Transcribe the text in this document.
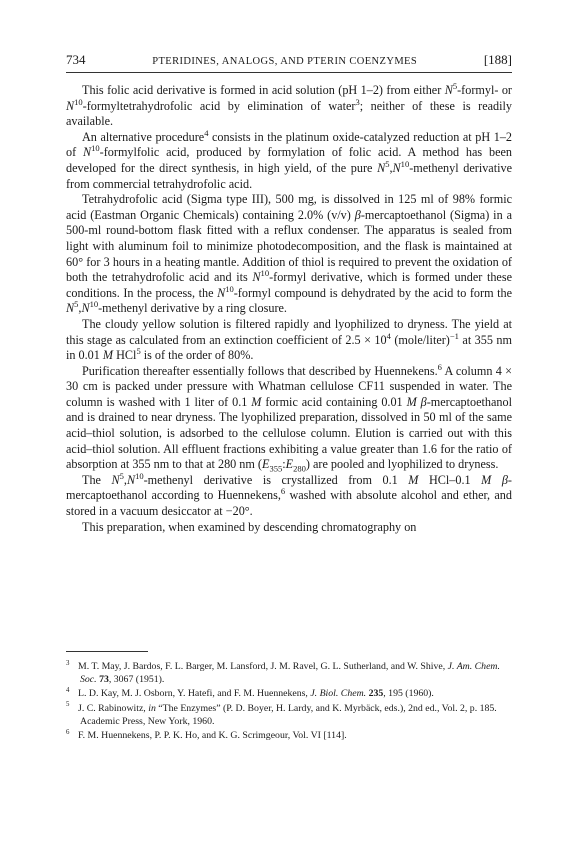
734	PTERIDINES, ANALOGS, AND PTERIN COENZYMES	[188]

This folic acid derivative is formed in acid solution (pH 1–2) from either $N^5-formyl-$ or $N^{10}$-formyltetrahydrofolic acid by elimination of water$^3$; neither of these is readily available.

An alternative procedure$^4$ consists in the platinum oxide-catalyzed reduction at pH 1–2 of $N^{10}$-formylfolic acid, produced by formylation of folic acid. A method has been developed for the direct synthesis, in high yield, of the pure $N^5,N^{10}$-methenyl derivative from commercial tetrahydrofolic acid.

Tetrahydrofolic acid (Sigma type III), 500 mg, is dissolved in 125 ml of 98% formic acid (Eastman Organic Chemicals) containing 2.0% (v/v) β-mercaptoethanol (Sigma) in a 500-ml round-bottom flask fitted with a reflux condenser. The apparatus is sealed from light with aluminum foil to minimize photodecomposition, and the flask is maintained at 60° for 3 hours in a heating mantle. Addition of thiol is required to prevent the oxidation of both the tetrahydrofolic acid and its $N^{10}$-formyl derivative, which is formed under these conditions. In the process, the $N^{10}$-formyl compound is dehydrated by the acid to form the $N^5,N^{10}$-methenyl derivative by a ring closure.

The cloudy yellow solution is filtered rapidly and lyophilized to dryness. The yield at this stage as calculated from an extinction coefficient of $2.5 \times 10^4$ (mole/liter)$^{-1}$ at 355 nm in 0.01 M HCl$^5$ is of the order of 80%.

Purification thereafter essentially follows that described by Huennekens.$^6$ A column 4 × 30 cm is packed under pressure with Whatman cellulose CF11 suspended in water. The column is washed with 1 liter of 0.1 M formic acid containing 0.01 M β-mercaptoethanol and is drained to near dryness. The lyophilized preparation, dissolved in 50 ml of the same acid–thiol solution, is adsorbed to the cellulose column. Elution is carried out with this acid–thiol solution. All effluent fractions exhibiting a value greater than 1.6 for the ratio of absorption at 355 nm to that at 280 nm $(E_{355}:E_{280})$ are pooled and lyophilized to dryness.

The $N^5,N^{10}$-methenyl derivative is crystallized from 0.1 M HCl–0.1 M β-mercaptoethanol according to Huennekens,$^6$ washed with absolute alcohol and ether, and stored in a vacuum desiccator at −20°.

This preparation, when examined by descending chromatography on

$^3$ M. T. May, J. Bardos, F. L. Barger, M. Lansford, J. M. Ravel, G. L. Sutherland, and W. Shive, J. Am. Chem. Soc. 73, 3067 (1951).

$^4$ L. D. Kay, M. J. Osborn, Y. Hatefi, and F. M. Huennekens, J. Biol. Chem. 235, 195 (1960).

$^5$ J. C. Rabinowitz, in “The Enzymes” (P. D. Boyer, H. Lardy, and K. Myrbäck, eds.), 2nd ed., Vol. 2, p. 185. Academic Press, New York, 1960.

$^6$ F. M. Huennekens, P. P. K. Ho, and K. G. Scrimgeour, Vol. VI [114].
